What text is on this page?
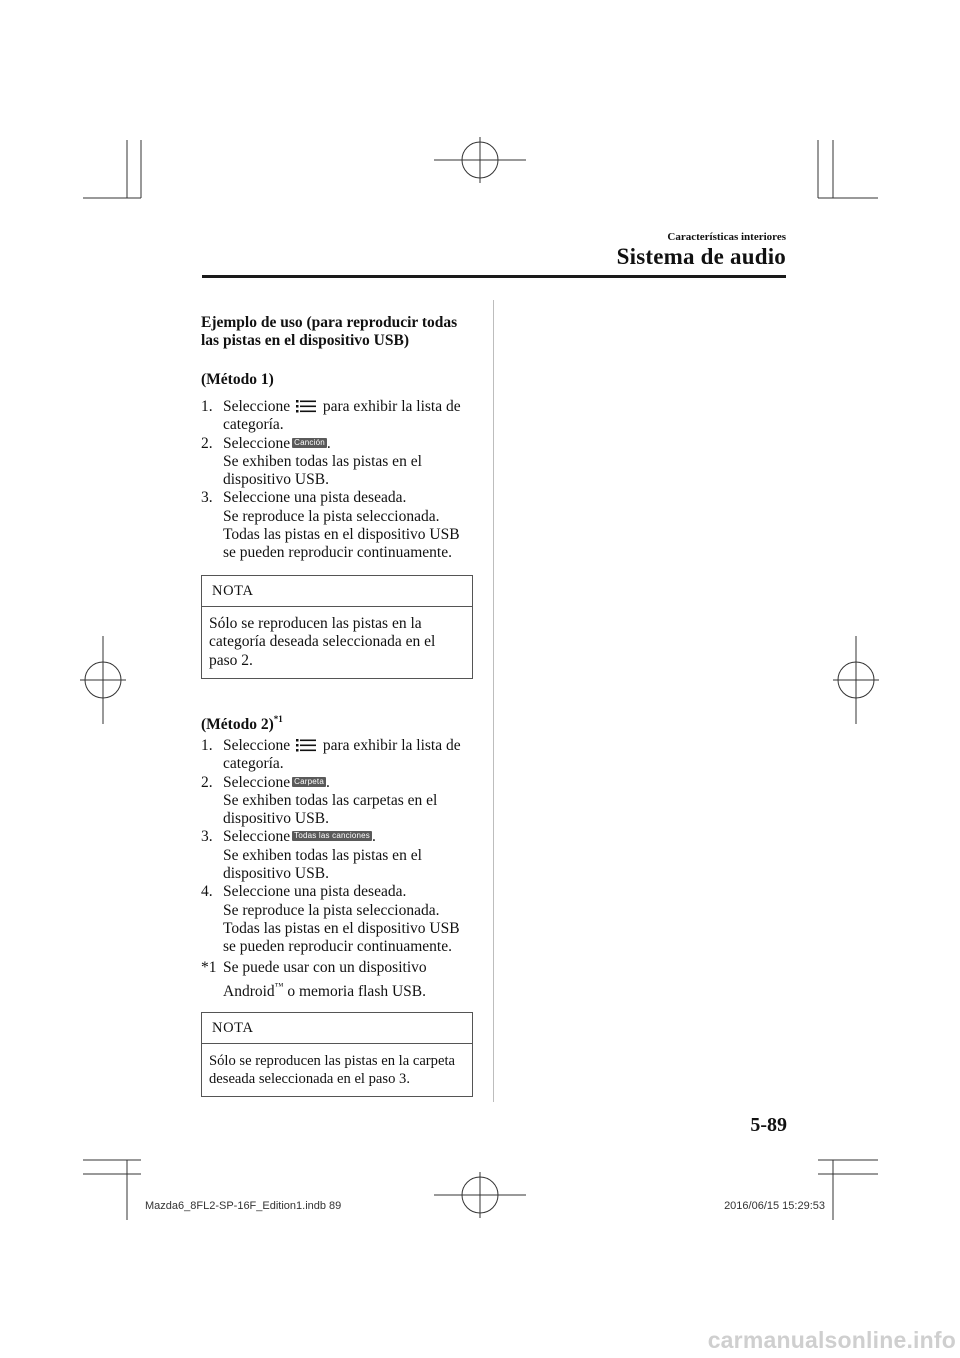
Características interiores
Sistema de audio
Ejemplo de uso (para reproducir todas las pistas en el dispositivo USB)
(Método 1)
1. Seleccione para exhibir la lista de categoría.
2. Seleccione Canción .
Se exhiben todas las pistas en el dispositivo USB.
3. Seleccione una pista deseada.
Se reproduce la pista seleccionada.
Todas las pistas en el dispositivo USB se pueden reproducir continuamente.
NOTA
Sólo se reproducen las pistas en la categoría deseada seleccionada en el paso 2.
(Método 2)$^{*1}$
1. Seleccione para exhibir la lista de categoría.
2. Seleccione Carpeta .
Se exhiben todas las carpetas en el dispositivo USB.
3. Seleccione Todas las canciones .
Se exhiben todas las pistas en el dispositivo USB.
4. Seleccione una pista deseada.
Se reproduce la pista seleccionada.
Todas las pistas en el dispositivo USB se pueden reproducir continuamente.
*1 Se puede usar con un dispositivo
Android™ o memoria flash USB.
NOTA
Sólo se reproducen las pistas en la carpeta deseada seleccionada en el paso 3.
5-89
Mazda6_8FL2-SP-16F_Edition1.indb 89	2016/06/15 15:29:53
carmanualsonline.info
